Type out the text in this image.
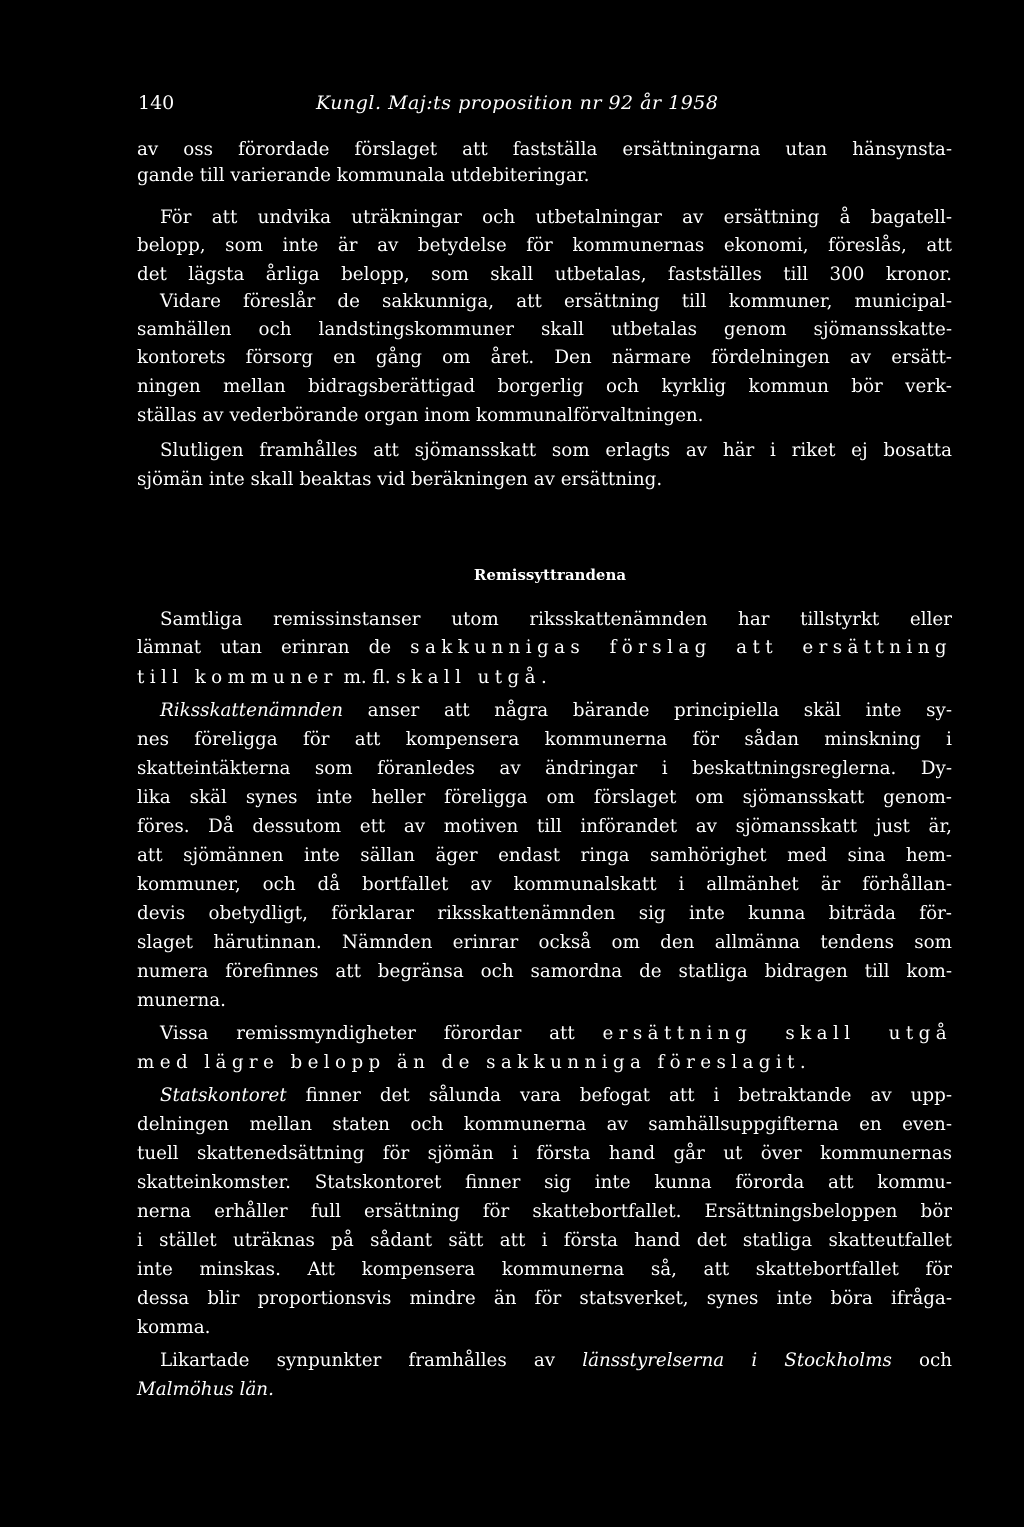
140	Kungl. Maj:ts proposition nr 92 år 1958
av oss förordade förslaget att fastställa ersättningarna utan hänsynsta-
gande till varierande kommunala utdebiteringar.
För att undvika uträkningar och utbetalningar av ersättning å bagatell-
belopp, som inte är av betydelse för kommunernas ekonomi, föreslås, att
det lägsta årliga belopp, som skall utbetalas, fastställes till 300 kronor.
Vidare föreslår de sakkunniga, att ersättning till kommuner, municipal-
samhällen och landstingskommuner skall utbetalas genom sjömansskatte-
kontorets försorg en gång om året. Den närmare fördelningen av ersätt-
ningen mellan bidragsberättigad borgerlig och kyrklig kommun bör verk-
ställas av vederbörande organ inom kommunalförvaltningen.
Slutligen framhålles att sjömansskatt som erlagts av här i riket ej bosatta
sjömän inte skall beaktas vid beräkningen av ersättning.
Remissyttrandena
Samtliga remissinstanser utom riksskattenämnden har tillstyrkt eller
lämnat utan erinran de sakkunnigas förslag att ersättning
till kommuner m. fl. skall utgå.
Riksskattenämnden anser att några bärande principiella skäl inte sy-
nes föreligga för att kompensera kommunerna för sådan minskning i
skatteintäkterna som föranledes av ändringar i beskattningsreglerna. Dy-
lika skäl synes inte heller föreligga om förslaget om sjömansskatt genom-
föres. Då dessutom ett av motiven till införandet av sjömansskatt just är,
att sjömännen inte sällan äger endast ringa samhörighet med sina hem-
kommuner, och då bortfallet av kommunalskatt i allmänhet är förhållan-
devis obetydligt, förklarar riksskattenämnden sig inte kunna biträda för-
slaget härutinnan. Nämnden erinrar också om den allmänna tendens som
numera förefinnes att begränsa och samordna de statliga bidragen till kom-
munerna.
Vissa remissmyndigheter förordar att ersättning skall utgå
med lägre belopp än de sakkunniga föreslagit.
Statskontoret finner det sålunda vara befogat att i betraktande av upp-
delningen mellan staten och kommunerna av samhällsuppgifterna en even-
tuell skattenedsättning för sjömän i första hand går ut över kommunernas
skatteinkomster. Statskontoret finner sig inte kunna förorda att kommu-
nerna erhåller full ersättning för skattebortfallet. Ersättningsbeloppen bör
i stället uträknas på sådant sätt att i första hand det statliga skatteutfallet
inte minskas. Att kompensera kommunerna så, att skattebortfallet för
dessa blir proportionsvis mindre än för statsverket, synes inte böra ifråga-
komma.
Likartade synpunkter framhålles av länsstyrelserna i Stockholms och
Malmöhus län.
